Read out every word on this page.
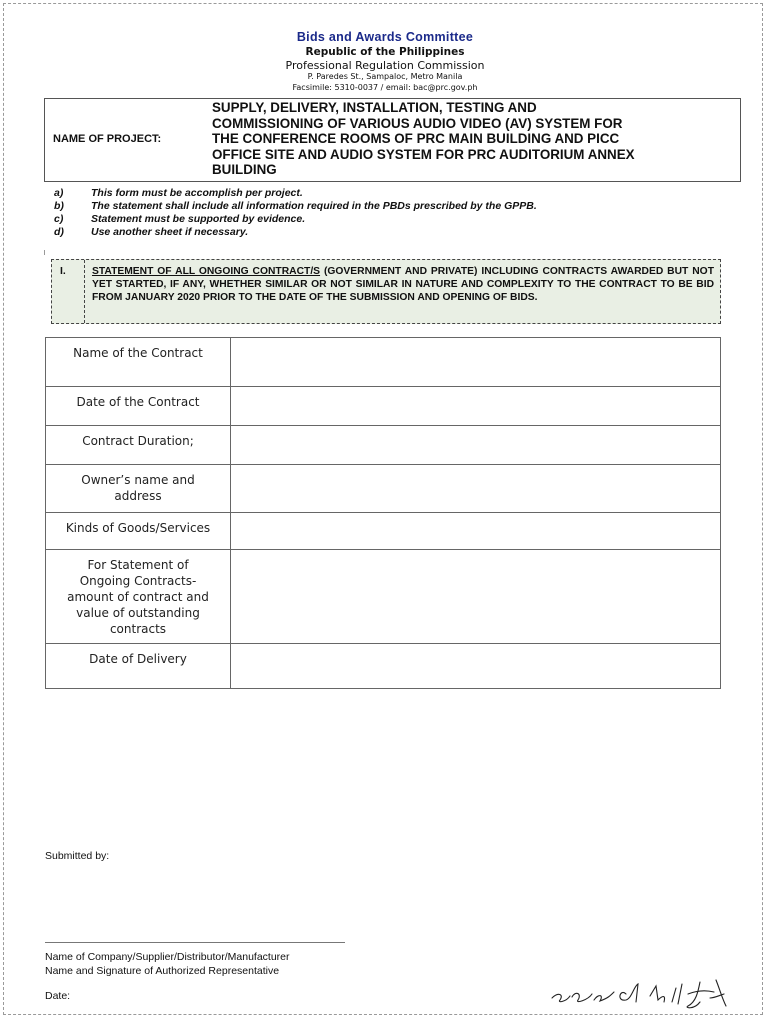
Bids and Awards Committee
Republic of the Philippines
Professional Regulation Commission
P. Paredes St., Sampaloc, Metro Manila
Facsimile: 5310-0037 / email: bac@prc.gov.ph
NAME OF PROJECT:
SUPPLY, DELIVERY, INSTALLATION, TESTING AND
COMMISSIONING OF VARIOUS AUDIO VIDEO (AV) SYSTEM FOR
THE CONFERENCE ROOMS OF PRC MAIN BUILDING AND PICC
OFFICE SITE AND AUDIO SYSTEM FOR PRC AUDITORIUM ANNEX
BUILDING
a)	This form must be accomplish per project.
b)	The statement shall include all information required in the PBDs prescribed by the GPPB.
c)	Statement must be supported by evidence.
d)	Use another sheet if necessary.
I.	STATEMENT OF ALL ONGOING CONTRACT/S (GOVERNMENT AND PRIVATE) INCLUDING CONTRACTS AWARDED BUT NOT YET STARTED, IF ANY, WHETHER SIMILAR OR NOT SIMILAR IN NATURE AND COMPLEXITY TO THE CONTRACT TO BE BID FROM JANUARY 2020 PRIOR TO THE DATE OF THE SUBMISSION AND OPENING OF BIDS.
Name of the Contract	

Date of the Contract	

Contract Duration;	

Owner’s name and
address	

Kinds of Goods/Services	

For Statement of
Ongoing Contracts-
amount of contract and
value of outstanding
contracts	

Date of Delivery	

Submitted by:
Name of Company/Supplier/Distributor/Manufacturer
Name and Signature of Authorized Representative
Date:
